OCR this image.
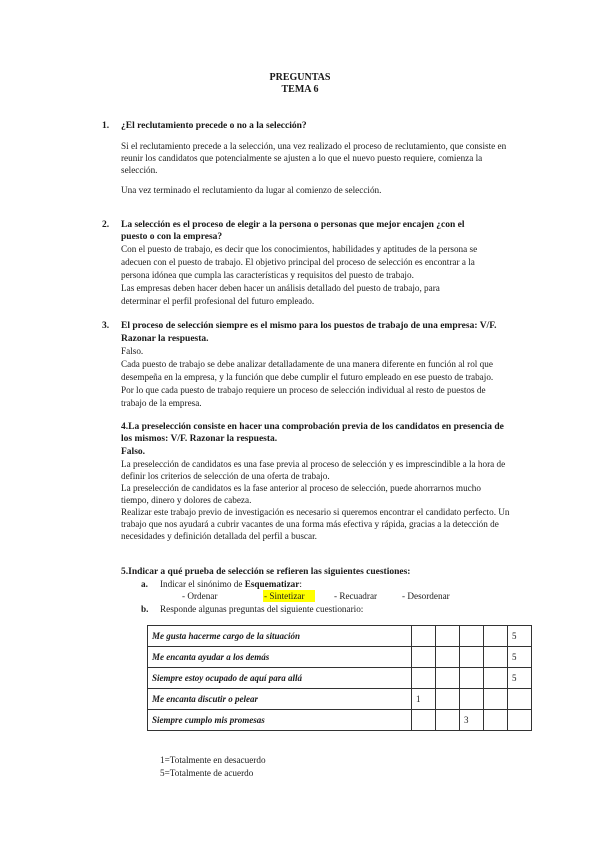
PREGUNTAS
TEMA 6
1. ¿El reclutamiento precede o no a la selección?
Si el reclutamiento precede a la selección, una vez realizado el proceso de reclutamiento, que consiste en
reunir los candidatos que potencialmente se ajusten a lo que el nuevo puesto requiere, comienza la
selección.
Una vez terminado el reclutamiento da lugar al comienzo de selección.
2. La selección es el proceso de elegir a la persona o personas que mejor encajen ¿con el
puesto o con la empresa?
Con el puesto de trabajo, es decir que los conocimientos, habilidades y aptitudes de la persona se
adecuen con el puesto de trabajo. El objetivo principal del proceso de selección es encontrar a la
persona idónea que cumpla las características y requisitos del puesto de trabajo.
Las empresas deben hacer deben hacer un análisis detallado del puesto de trabajo, para
determinar el perfil profesional del futuro empleado.
3. El proceso de selección siempre es el mismo para los puestos de trabajo de una empresa: V/F.
Razonar la respuesta.
Falso.
Cada puesto de trabajo se debe analizar detalladamente de una manera diferente en función al rol que
desempeña en la empresa, y la función que debe cumplir el futuro empleado en ese puesto de trabajo.
Por lo que cada puesto de trabajo requiere un proceso de selección individual al resto de puestos de
trabajo de la empresa.
4.La preselección consiste en hacer una comprobación previa de los candidatos en presencia de
los mismos: V/F. Razonar la respuesta.
Falso.
La preselección de candidatos es una fase previa al proceso de selección y es imprescindible a la hora de
definir los criterios de selección de una oferta de trabajo.
La preselección de candidatos es la fase anterior al proceso de selección, puede ahorrarnos mucho
tiempo, dinero y dolores de cabeza.
Realizar este trabajo previo de investigación es necesario si queremos encontrar el candidato perfecto. Un
trabajo que nos ayudará a cubrir vacantes de una forma más efectiva y rápida, gracias a la detección de
necesidades y definición detallada del perfil a buscar.
5.Indicar a qué prueba de selección se refieren las siguientes cuestiones:
a. Indicar el sinónimo de Esquematizar:
- Ordenar	- Sintetizar	- Recuadrar	- Desordenar
b. Responde algunas preguntas del siguiente cuestionario:
Me gusta hacerme cargo de la situación					5
Me encanta ayudar a los demás					5
Siempre estoy ocupado de aquí para allá					5
Me encanta discutir o pelear	1				
Siempre cumplo mis promesas			3		
1=Totalmente en desacuerdo
5=Totalmente de acuerdo
